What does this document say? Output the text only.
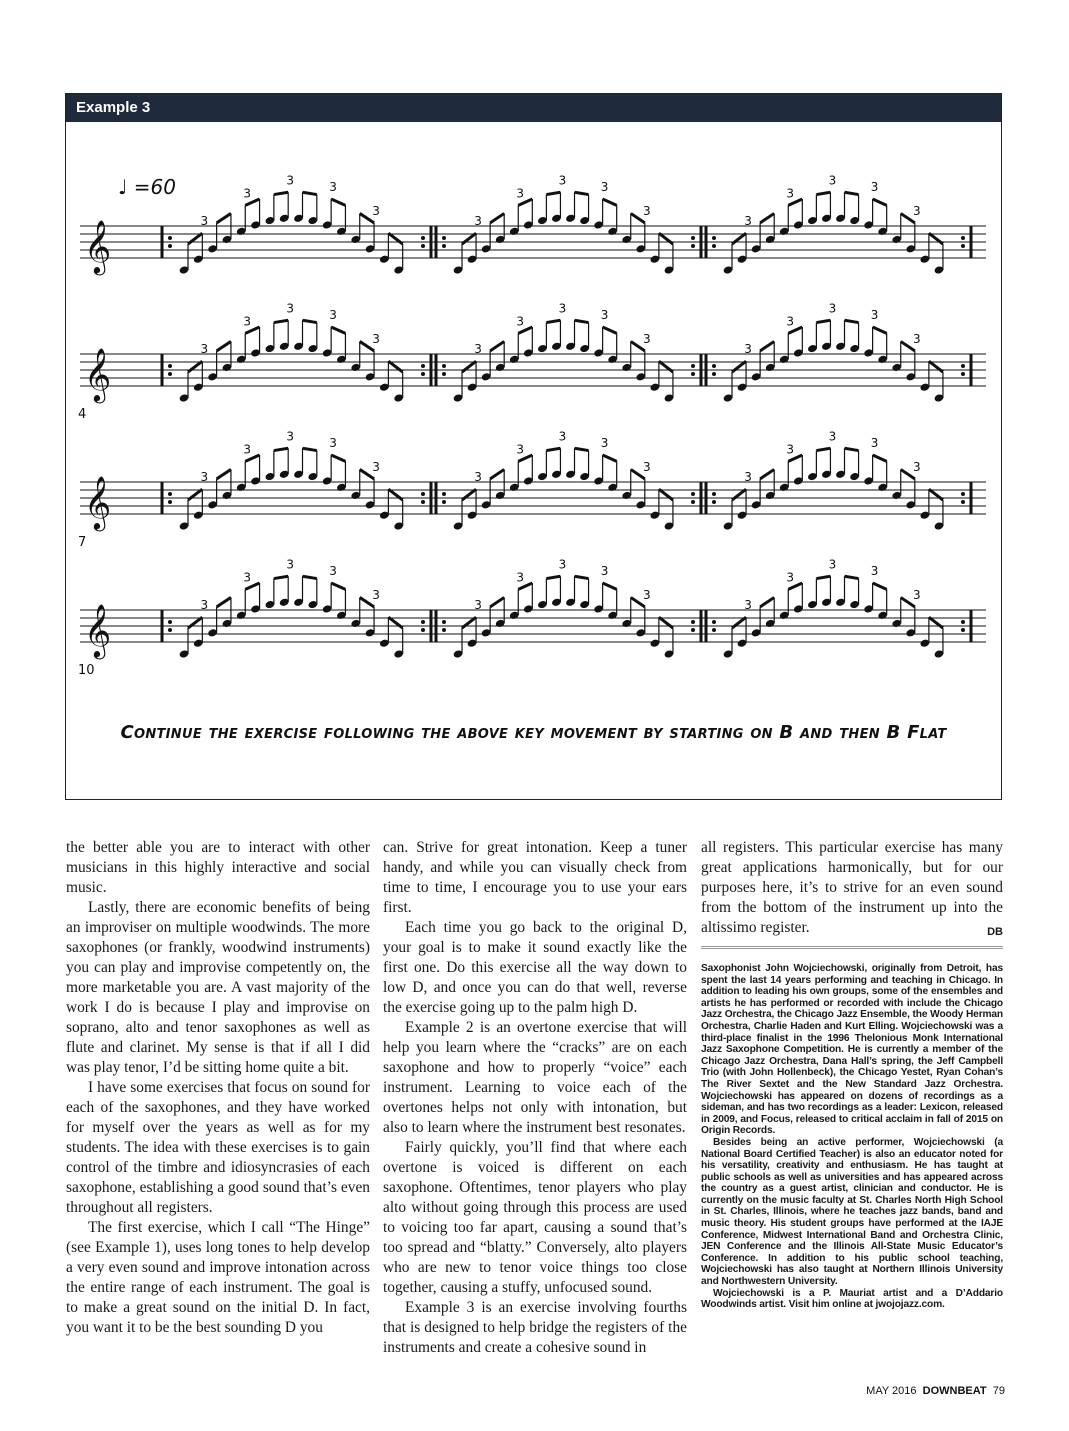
Example 3
♩ =60
𝄞	3
3
3	3
3
3
3
3	3
3
3
3
3	3
3
𝄞
4
3
3
3	3
3
3
3
3	3
3
3
3
3	3
3
𝄞
7
3
3
3	3
3
3
3
3	3
3
3
3
3	3
3
𝄞
10
3
3
3	3
3
3
3
3	3
3
3
3
3	3
3
Continue the exercise following the above key movement by starting on B and then B Flat

the better able you are to interact with other musicians in this highly interactive and social music.

Lastly, there are economic benefits of being an improviser on multiple woodwinds. The more saxophones (or frankly, woodwind instruments) you can play and improvise competently on, the more marketable you are. A vast majority of the work I do is because I play and improvise on soprano, alto and tenor saxophones as well as flute and clarinet. My sense is that if all I did was play tenor, I’d be sitting home quite a bit.

I have some exercises that focus on sound for each of the saxophones, and they have worked for myself over the years as well as for my students. The idea with these exercises is to gain control of the timbre and idiosyncrasies of each saxophone, establishing a good sound that’s even throughout all registers.

The first exercise, which I call “The Hinge” (see Example 1), uses long tones to help develop a very even sound and improve intonation across the entire range of each instrument. The goal is to make a great sound on the initial D. In fact, you want it to be the best sounding D you

can. Strive for great intonation. Keep a tuner handy, and while you can visually check from time to time, I encourage you to use your ears first.

Each time you go back to the original D, your goal is to make it sound exactly like the first one. Do this exercise all the way down to low D, and once you can do that well, reverse the exercise going up to the palm high D.

Example 2 is an overtone exercise that will help you learn where the “cracks” are on each saxophone and how to properly “voice” each instrument. Learning to voice each of the overtones helps not only with intonation, but also to learn where the instrument best resonates.

Fairly quickly, you’ll find that where each overtone is voiced is different on each saxophone. Oftentimes, tenor players who play alto without going through this process are used to voicing too far apart, causing a sound that’s too spread and “blatty.” Conversely, alto players who are new to tenor voice things too close together, causing a stuffy, unfocused sound.

Example 3 is an exercise involving fourths that is designed to help bridge the registers of the instruments and create a cohesive sound in

all registers. This particular exercise has many great applications harmonically, but for our purposes here, it’s to strive for an even sound from the bottom of the instrument up into the altissimo register.	DB

Saxophonist John Wojciechowski, originally from Detroit, has spent the last 14 years performing and teaching in Chicago. In addition to leading his own groups, some of the ensembles and artists he has performed or recorded with include the Chicago Jazz Orchestra, the Chicago Jazz Ensemble, the Woody Herman Orchestra, Charlie Haden and Kurt Elling. Wojciechowski was a third-place finalist in the 1996 Thelonious Monk International Jazz Saxophone Competition. He is currently a member of the Chicago Jazz Orchestra, Dana Hall’s spring, the Jeff Campbell Trio (with John Hollenbeck), the Chicago Yestet, Ryan Cohan’s The River Sextet and the New Standard Jazz Orchestra. Wojciechowski has appeared on dozens of recordings as a sideman, and has two recordings as a leader: Lexicon, released in 2009, and Focus, released to critical acclaim in fall of 2015 on Origin Records.

Besides being an active performer, Wojciechowski (a National Board Certified Teacher) is also an educator noted for his versatility, creativity and enthusiasm. He has taught at public schools as well as universities and has appeared across the country as a guest artist, clinician and conductor. He is currently on the music faculty at St. Charles North High School in St. Charles, Illinois, where he teaches jazz bands, band and music theory. His student groups have performed at the IAJE Conference, Midwest International Band and Orchestra Clinic, JEN Conference and the Illinois All-State Music Educator’s Conference. In addition to his public school teaching, Wojciechowski has also taught at Northern Illinois University and Northwestern University.

Wojciechowski is a P. Mauriat artist and a D’Addario Woodwinds artist. Visit him online at jwojojazz.com.

MAY 2016 DOWNBEAT 79
